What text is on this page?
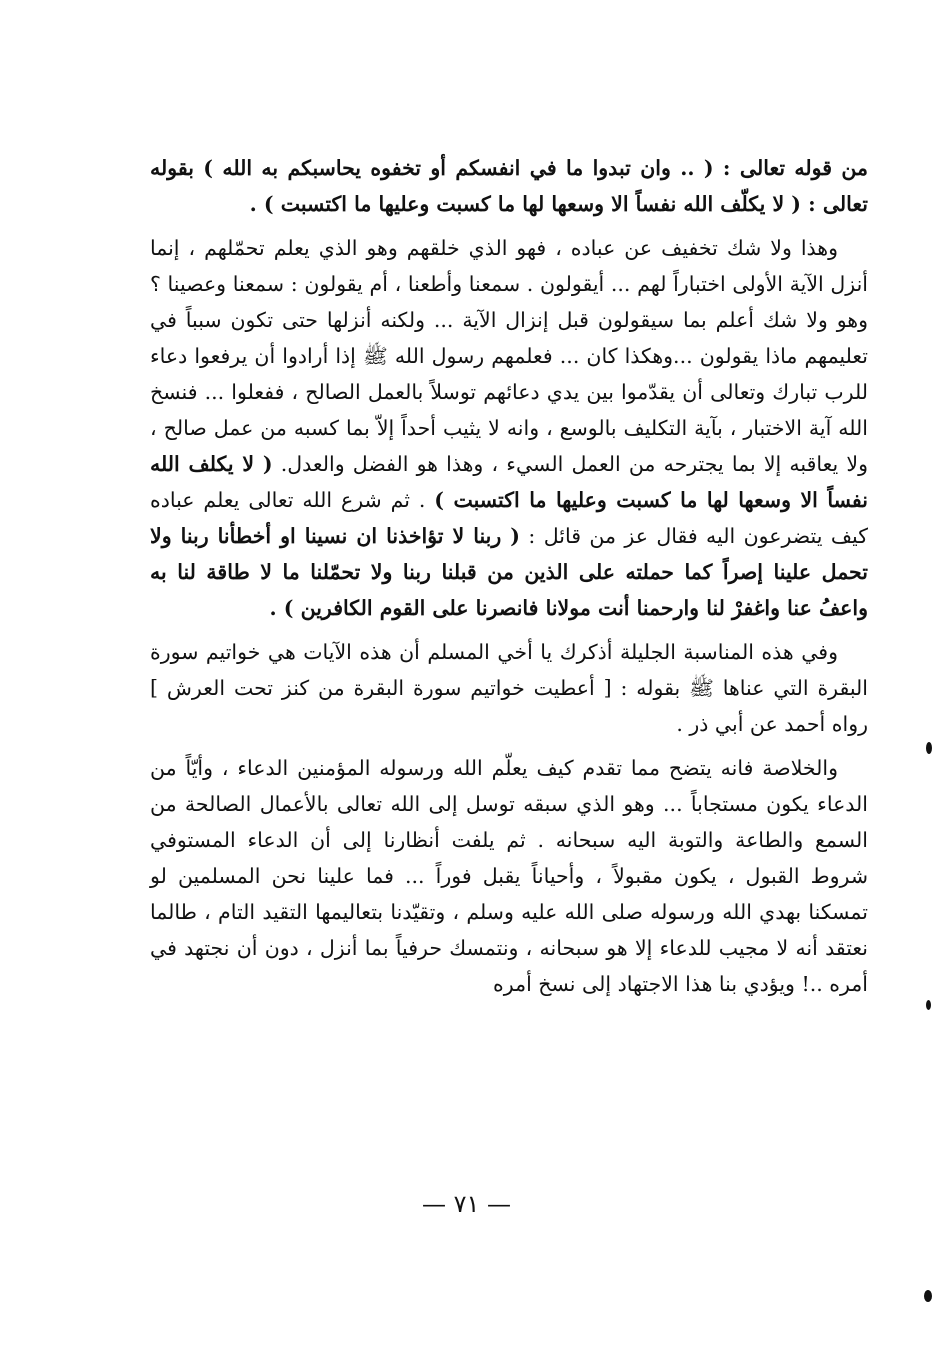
من قوله تعالى : ( .. وان تبدوا ما في انفسكم أو تخفوه يحاسبكم به الله ) بقوله تعالى : ( لا يكلّف الله نفساً الا وسعها لها ما كسبت وعليها ما اكتسبت ) .

وهذا ولا شك تخفيف عن عباده ، فهو الذي خلقهم وهو الذي يعلم تحمّلهم ، إنما أنزل الآية الأولى اختباراً لهم ... أيقولون . سمعنا وأطعنا ، أم يقولون : سمعنا وعصينا ؟ وهو ولا شك أعلم بما سيقولون قبل إنزال الآية ... ولكنه أنزلها حتى تكون سبباً في تعليمهم ماذا يقولون ...وهكذا كان ... فعلمهم رسول الله ﷺ إذا أرادوا أن يرفعوا دعاء للرب تبارك وتعالى أن يقدّموا بين يدي دعائهم توسلاً بالعمل الصالح ، ففعلوا ... فنسخ الله آية الاختبار ، بآية التكليف بالوسع ، وانه لا يثيب أحداً إلاّ بما كسبه من عمل صالح ، ولا يعاقبه إلا بما يجترحه من العمل السيء ، وهذا هو الفضل والعدل. ( لا يكلف الله نفساً الا وسعها لها ما كسبت وعليها ما اكتسبت ) . ثم شرع الله تعالى يعلم عباده كيف يتضرعون اليه فقال عز من قائل : ( ربنا لا تؤاخذنا ان نسينا او أخطأنا ربنا ولا تحمل علينا إصراً كما حملته على الذين من قبلنا ربنا ولا تحمّلنا ما لا طاقة لنا به واعفُ عنا واغفرْ لنا وارحمنا أنت مولانا فانصرنا على القوم الكافرين ) .

وفي هذه المناسبة الجليلة أذكرك يا أخي المسلم أن هذه الآيات هي خواتيم سورة البقرة التي عناها ﷺ بقوله : [ أعطيت خواتيم سورة البقرة من كنز تحت العرش ] رواه أحمد عن أبي ذر .

والخلاصة فانه يتضح مما تقدم كيف يعلّم الله ورسوله المؤمنين الدعاء ، وأيّاً من الدعاء يكون مستجاباً ... وهو الذي سبقه توسل إلى الله تعالى بالأعمال الصالحة من السمع والطاعة والتوبة اليه سبحانه . ثم يلفت أنظارنا إلى أن الدعاء المستوفي شروط القبول ، يكون مقبولاً ، وأحياناً يقبل فوراً ... فما علينا نحن المسلمين لو تمسكنا بهدي الله ورسوله صلى الله عليه وسلم ، وتقيّدنا بتعاليمها التقيد التام ، طالما نعتقد أنه لا مجيب للدعاء إلا هو سبحانه ، ونتمسك حرفياً بما أنزل ، دون أن نجتهد في أمره ..! ويؤدي بنا هذا الاجتهاد إلى نسخ أمره

— ٧١ —
